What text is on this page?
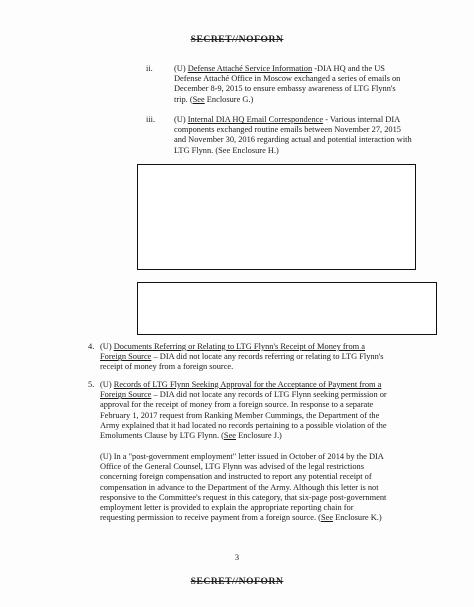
SECRET//NOFORN
ii.	(U) Defense Attaché Service Information -DIA HQ and the US
Defense Attaché Office in Moscow exchanged a series of emails on
December 8-9, 2015 to ensure embassy awareness of LTG Flynn's
trip. (See Enclosure G.)
iii. (U) Internal DIA HQ Email Correspondence - Various internal DIA
components exchanged routine emails between November 27, 2015
and November 30, 2016 regarding actual and potential interaction with
LTG Flynn. (See Enclosure H.)
4. (U) Documents Referring or Relating to LTG Flynn's Receipt of Money from a
Foreign Source – DIA did not locate any records referring or relating to LTG Flynn's
receipt of money from a foreign source.
5. (U) Records of LTG Flynn Seeking Approval for the Acceptance of Payment from a
Foreign Source – DIA did not locate any records of LTG Flynn seeking permission or
approval for the receipt of money from a foreign source. In response to a separate
February 1, 2017 request from Ranking Member Cummings, the Department of the
Army explained that it had located no records pertaining to a possible violation of the
Emoluments Clause by LTG Flynn. (See Enclosure J.)
(U) In a "post-government employment" letter issued in October of 2014 by the DIA
Office of the General Counsel, LTG Flynn was advised of the legal restrictions
concerning foreign compensation and instructed to report any potential receipt of
compensation in advance to the Department of the Army. Although this letter is not
responsive to the Committee's request in this category, that six-page post-government
employment letter is provided to explain the appropriate reporting chain for
requesting permission to receive payment from a foreign source. (See Enclosure K.)
3
SECRET//NOFORN
